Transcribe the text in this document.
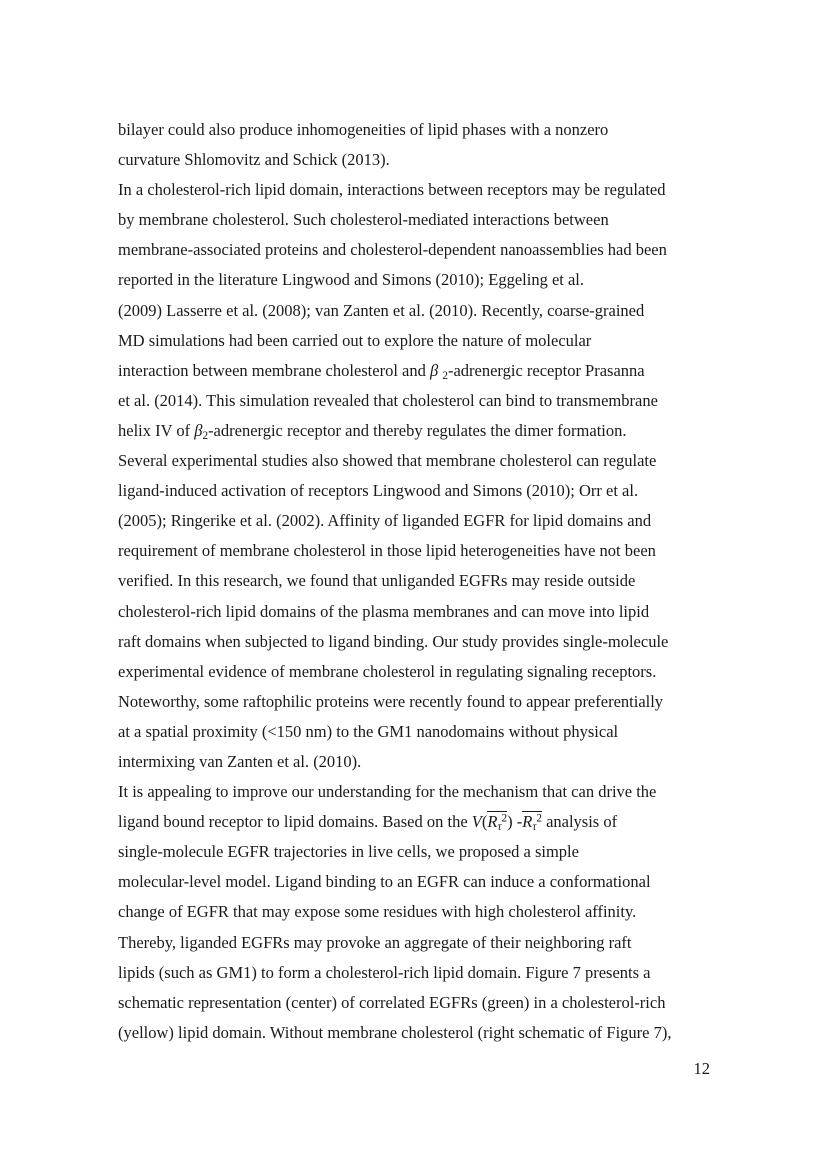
bilayer could also produce inhomogeneities of lipid phases with a nonzero
curvature Shlomovitz and Schick (2013).
In a cholesterol-rich lipid domain, interactions between receptors may be regulated
by membrane cholesterol. Such cholesterol-mediated interactions between
membrane-associated proteins and cholesterol-dependent nanoassemblies had been
reported in the literature Lingwood and Simons (2010); Eggeling et al.
(2009) Lasserre et al. (2008); van Zanten et al. (2010). Recently, coarse-grained
MD simulations had been carried out to explore the nature of molecular
interaction between membrane cholesterol and β $_2$-adrenergic receptor Prasanna
et al. (2014). This simulation revealed that cholesterol can bind to transmembrane
helix IV of $\beta_2$-adrenergic receptor and thereby regulates the dimer formation.
Several experimental studies also showed that membrane cholesterol can regulate
ligand-induced activation of receptors Lingwood and Simons (2010); Orr et al.
(2005); Ringerike et al. (2002). Affinity of liganded EGFR for lipid domains and
requirement of membrane cholesterol in those lipid heterogeneities have not been
verified. In this research, we found that unliganded EGFRs may reside outside
cholesterol-rich lipid domains of the plasma membranes and can move into lipid
raft domains when subjected to ligand binding. Our study provides single-molecule
experimental evidence of membrane cholesterol in regulating signaling receptors.
Noteworthy, some raftophilic proteins were recently found to appear preferentially
at a spatial proximity (<150 nm) to the GM1 nanodomains without physical
intermixing van Zanten et al. (2010).
It is appealing to improve our understanding for the mechanism that can drive the
ligand bound receptor to lipid domains. Based on the $V(R_\tau^2)$ $-R_\tau^2$ analysis of
single-molecule EGFR trajectories in live cells, we proposed a simple
molecular-level model. Ligand binding to an EGFR can induce a conformational
change of EGFR that may expose some residues with high cholesterol affinity.
Thereby, liganded EGFRs may provoke an aggregate of their neighboring raft
lipids (such as GM1) to form a cholesterol-rich lipid domain. Figure 7 presents a
schematic representation (center) of correlated EGFRs (green) in a cholesterol-rich
(yellow) lipid domain. Without membrane cholesterol (right schematic of Figure 7),
12
